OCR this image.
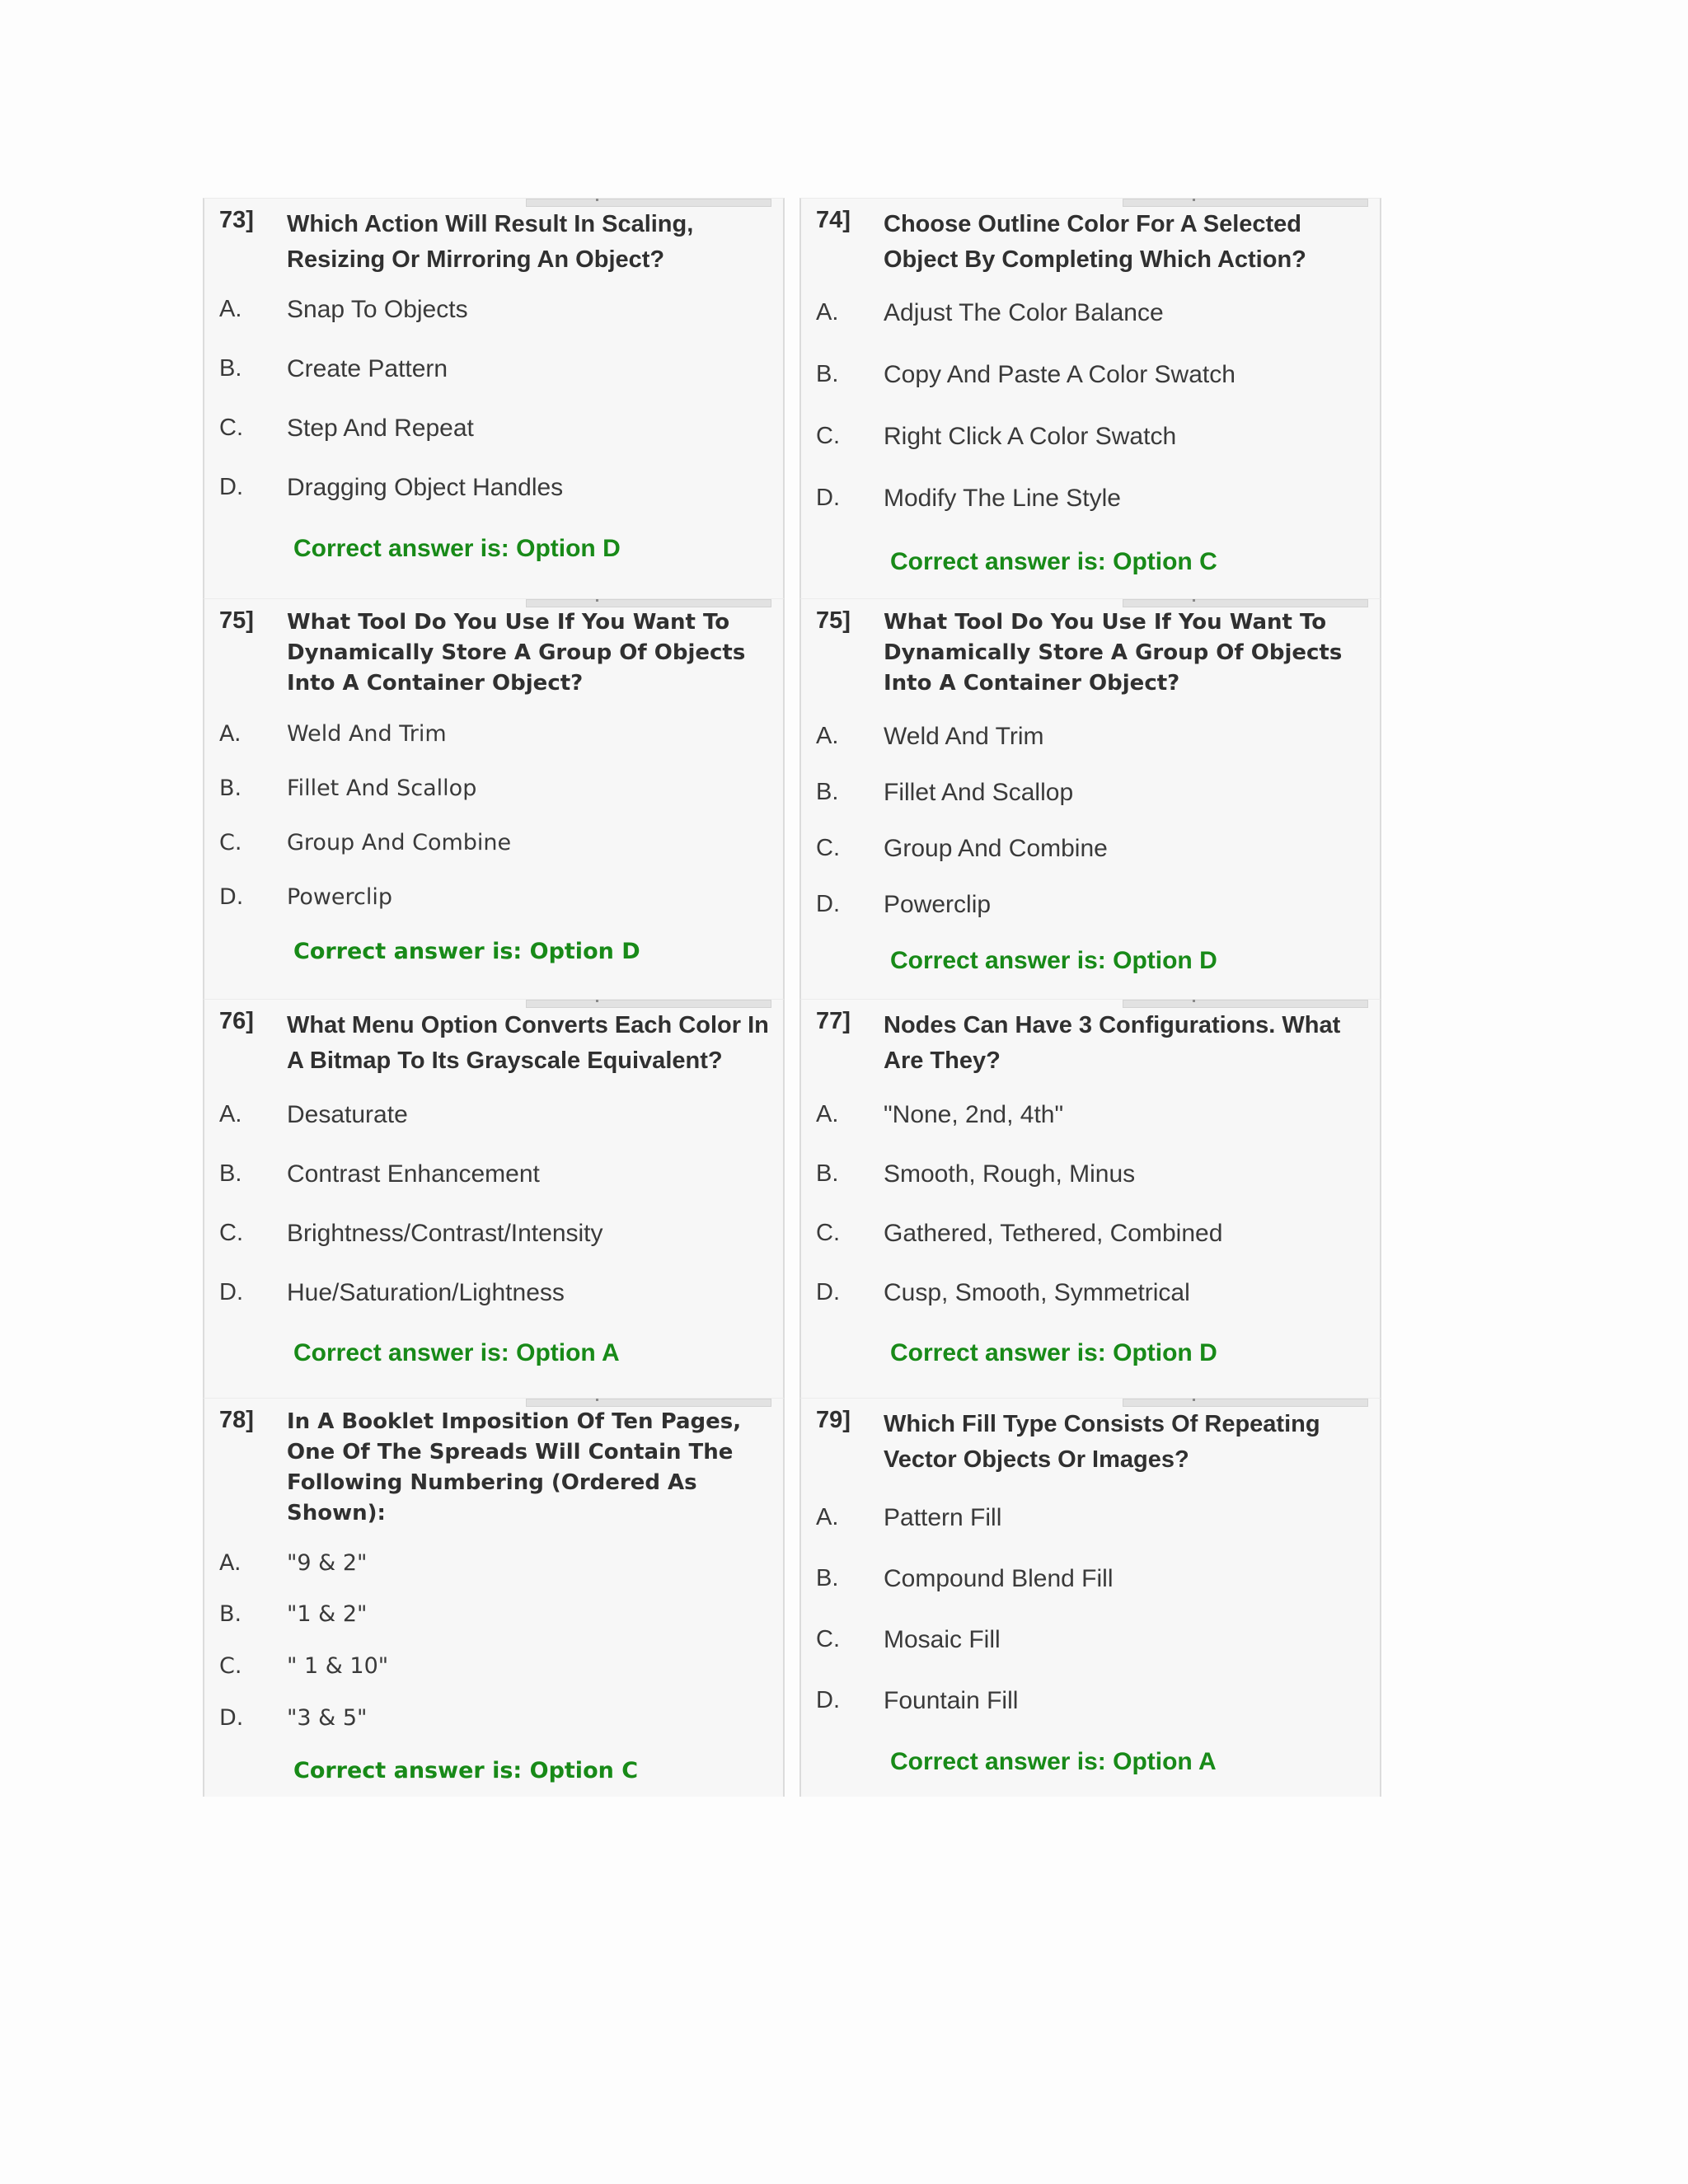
73] Which Action Will Result In Scaling, Resizing Or Mirroring An Object?
A. Snap To Objects
B. Create Pattern
C. Step And Repeat
D. Dragging Object Handles
Correct answer is: Option D
74] Choose Outline Color For A Selected Object By Completing Which Action?
A. Adjust The Color Balance
B. Copy And Paste A Color Swatch
C. Right Click A Color Swatch
D. Modify The Line Style
Correct answer is: Option C
75] What Tool Do You Use If You Want To Dynamically Store A Group Of Objects Into A Container Object?
A. Weld And Trim
B. Fillet And Scallop
C. Group And Combine
D. Powerclip
Correct answer is: Option D
75] What Tool Do You Use If You Want To Dynamically Store A Group Of Objects Into A Container Object?
A. Weld And Trim
B. Fillet And Scallop
C. Group And Combine
D. Powerclip
Correct answer is: Option D
76] What Menu Option Converts Each Color In A Bitmap To Its Grayscale Equivalent?
A. Desaturate
B. Contrast Enhancement
C. Brightness/Contrast/Intensity
D. Hue/Saturation/Lightness
Correct answer is: Option A
77] Nodes Can Have 3 Configurations. What Are They?
A. "None, 2nd, 4th"
B. Smooth, Rough, Minus
C. Gathered, Tethered, Combined
D. Cusp, Smooth, Symmetrical
Correct answer is: Option D
78] In A Booklet Imposition Of Ten Pages, One Of The Spreads Will Contain The Following Numbering (Ordered As Shown):
A. "9 & 2"
B. "1 & 2"
C. " 1 & 10"
D. "3 & 5"
Correct answer is: Option C
79] Which Fill Type Consists Of Repeating Vector Objects Or Images?
A. Pattern Fill
B. Compound Blend Fill
C. Mosaic Fill
D. Fountain Fill
Correct answer is: Option A
